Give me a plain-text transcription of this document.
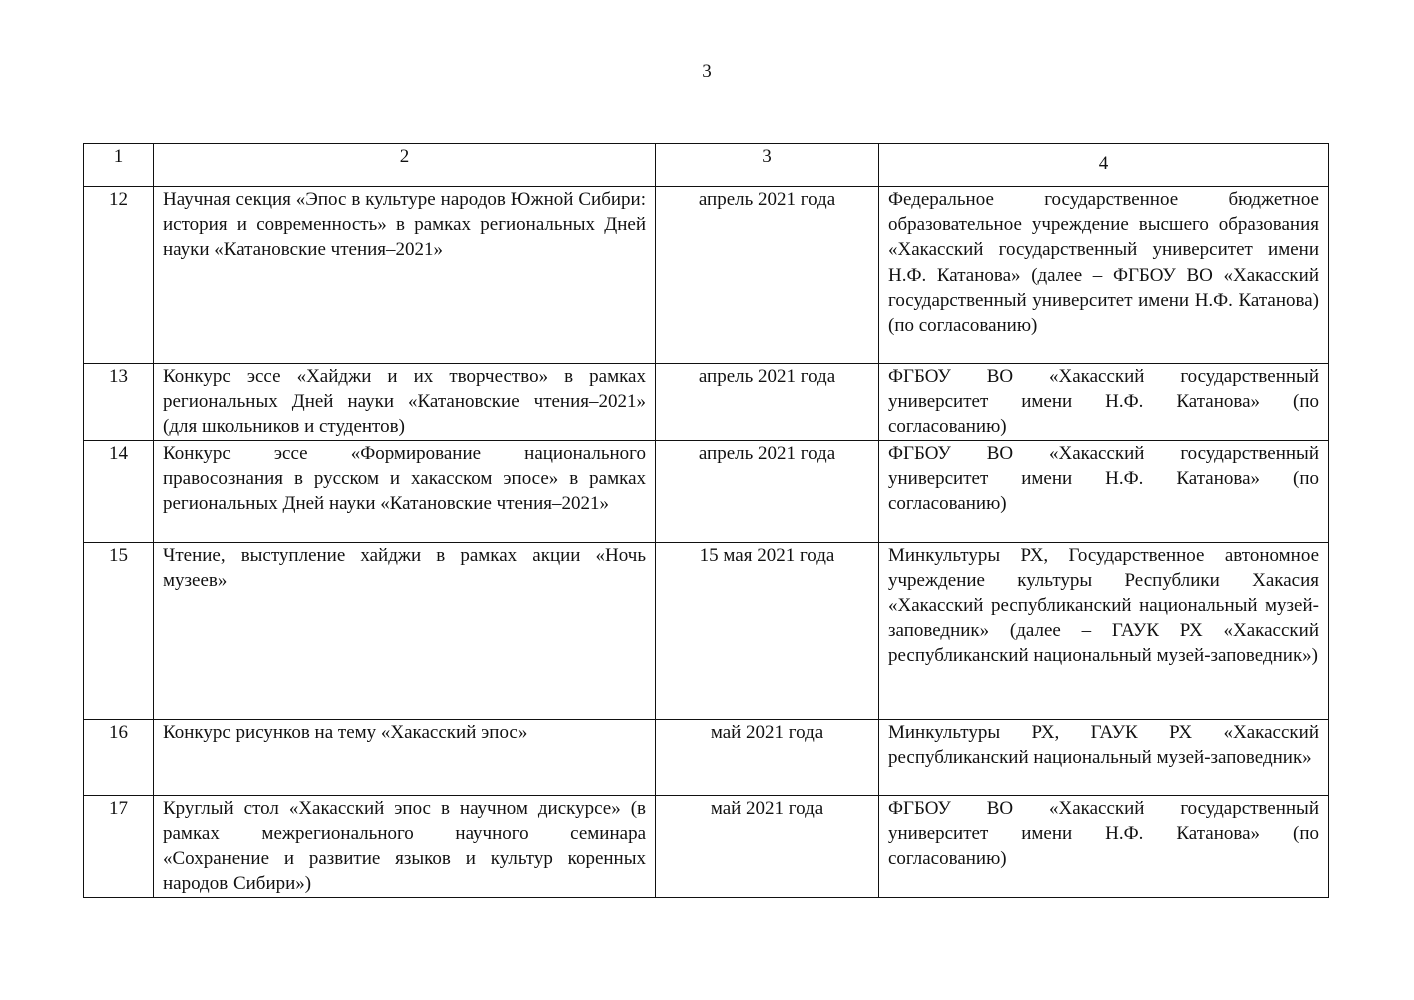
3
1	2	3	4
12	Научная секция «Эпос в культуре народов Южной Сибири: история и современность» в рамках региональных Дней науки «Катановские чтения–2021»	апрель 2021 года	Федеральное государственное бюджетное образовательное учреждение высшего образования «Хакасский государственный университет имени Н.Ф. Катанова» (далее – ФГБОУ ВО «Хакасский государственный университет имени Н.Ф. Катанова) (по согласованию)
13	Конкурс эссе «Хайджи и их творчество» в рамках региональных Дней науки «Катановские чтения–2021» (для школьников и студентов)	апрель 2021 года	ФГБОУ ВО «Хакасский государственный университет имени Н.Ф. Катанова» (по согласованию)
14	Конкурс эссе «Формирование национального правосознания в русском и хакасском эпосе» в рамках региональных Дней науки «Катановские чтения–2021»	апрель 2021 года	ФГБОУ ВО «Хакасский государственный университет имени Н.Ф. Катанова» (по согласованию)
15	Чтение, выступление хайджи в рамках акции «Ночь музеев»	15 мая 2021 года	Минкультуры РХ, Государственное автономное учреждение культуры Республики Хакасия «Хакасский республиканский национальный музей-заповедник» (далее – ГАУК РХ «Хакасский республиканский национальный музей-заповедник»)
16	Конкурс рисунков на тему «Хакасский эпос»	май 2021 года	Минкультуры РХ, ГАУК РХ «Хакасский республиканский национальный музей-заповедник»
17	Круглый стол «Хакасский эпос в научном дискурсе» (в рамках межрегионального научного семинара «Сохранение и развитие языков и культур коренных народов Сибири»)	май 2021 года	ФГБОУ ВО «Хакасский государственный университет имени Н.Ф. Катанова» (по согласованию)
